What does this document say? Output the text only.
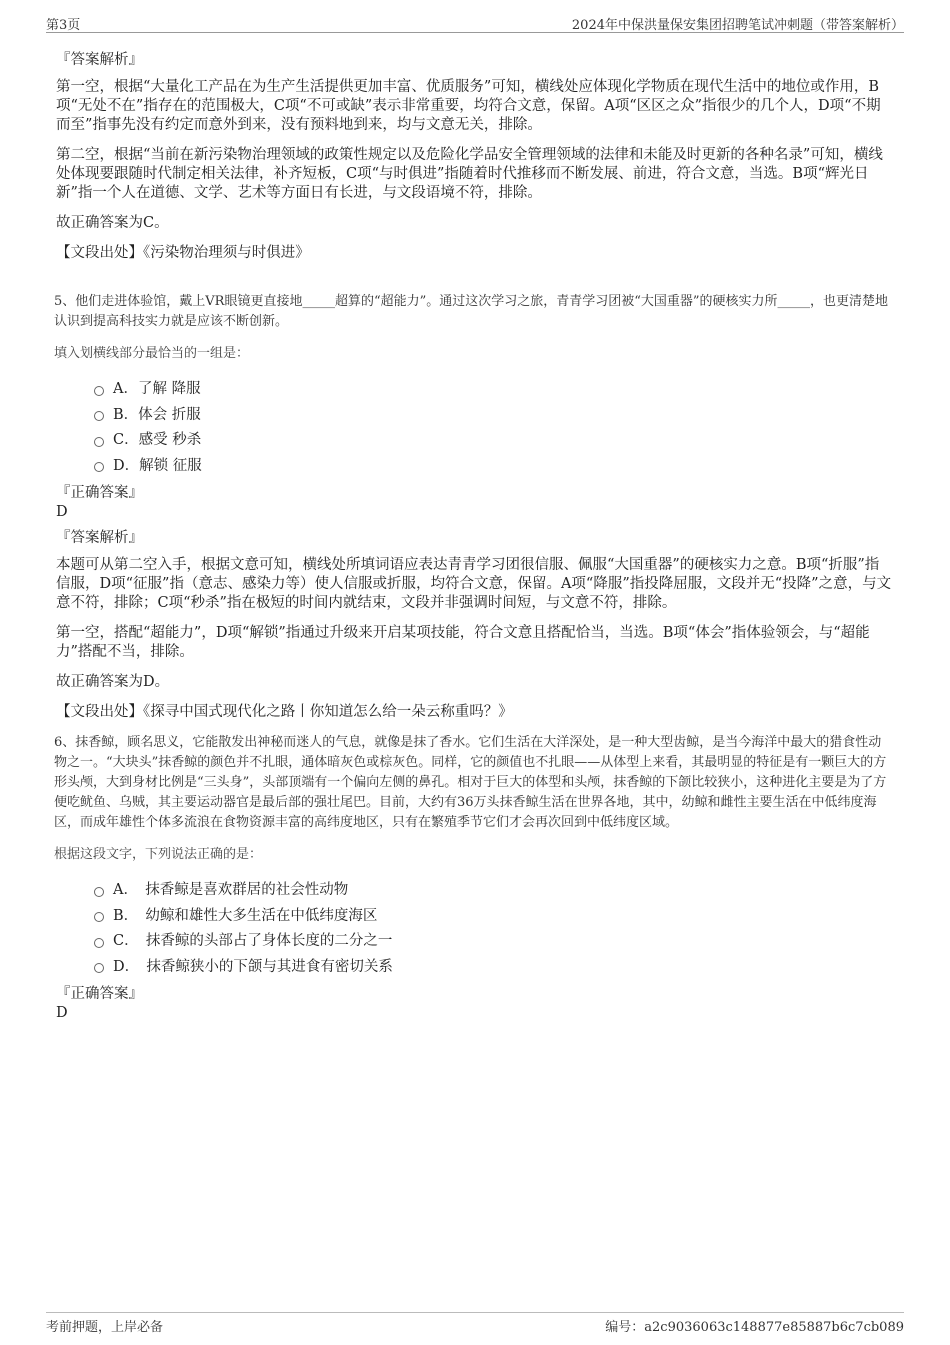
第3页	2024年中保洪量保安集团招聘笔试冲刺题（带答案解析）
『答案解析』

第一空，根据“大量化工产品在为生产生活提供更加丰富、优质服务”可知，横线处应体现化学物质在现代生活中的地位或作用，B项“无处不在”指存在的范围极大，C项“不可或缺”表示非常重要，均符合文意，保留。A项“区区之众”指很少的几个人，D项“不期而至”指事先没有约定而意外到来，没有预料地到来，均与文意无关，排除。

第二空，根据“当前在新污染物治理领域的政策性规定以及危险化学品安全管理领域的法律和未能及时更新的各种名录”可知，横线处体现要跟随时代制定相关法律，补齐短板，C项“与时俱进”指随着时代推移而不断发展、前进，符合文意，当选。B项“辉光日新”指一个人在道德、文学、艺术等方面日有长进，与文段语境不符，排除。

故正确答案为C。

【文段出处】《污染物治理须与时俱进》

5、他们走进体验馆，戴上VR眼镜更直接地_____超算的“超能力”。通过这次学习之旅，青青学习团被“大国重器”的硬核实力所_____，也更清楚地认识到提高科技实力就是应该不断创新。

填入划横线部分最恰当的一组是：

A．了解 降服
B．体会 折服
C．感受 秒杀
D．解锁 征服
『正确答案』
D
『答案解析』

本题可从第二空入手，根据文意可知，横线处所填词语应表达青青学习团很信服、佩服“大国重器”的硬核实力之意。B项“折服”指信服，D项“征服”指（意志、感染力等）使人信服或折服，均符合文意，保留。A项“降服”指投降屈服，文段并无“投降”之意，与文意不符，排除；C项“秒杀”指在极短的时间内就结束，文段并非强调时间短，与文意不符，排除。

第一空，搭配“超能力”，D项“解锁”指通过升级来开启某项技能，符合文意且搭配恰当，当选。B项“体会”指体验领会，与“超能力”搭配不当，排除。

故正确答案为D。

【文段出处】《探寻中国式现代化之路丨你知道怎么给一朵云称重吗？》

6、抹香鲸，顾名思义，它能散发出神秘而迷人的气息，就像是抹了香水。它们生活在大洋深处，是一种大型齿鲸，是当今海洋中最大的猎食性动物之一。“大块头”抹香鲸的颜色并不扎眼，通体暗灰色或棕灰色。同样，它的颜值也不扎眼——从体型上来看，其最明显的特征是有一颗巨大的方形头颅，大到身材比例是“三头身”，头部顶端有一个偏向左侧的鼻孔。相对于巨大的体型和头颅，抹香鲸的下颌比较狭小，这种进化主要是为了方便吃鱿鱼、乌贼，其主要运动器官是最后部的强壮尾巴。目前，大约有36万头抹香鲸生活在世界各地，其中，幼鲸和雌性主要生活在中低纬度海区，而成年雄性个体多流浪在食物资源丰富的高纬度地区，只有在繁殖季节它们才会再次回到中低纬度区域。

根据这段文字，下列说法正确的是：

A．　抹香鲸是喜欢群居的社会性动物
B．　幼鲸和雄性大多生活在中低纬度海区
C．　抹香鲸的头部占了身体长度的二分之一
D．　抹香鲸狭小的下颌与其进食有密切关系
『正确答案』
D
考前押题，上岸必备	编号：a2c9036063c148877e85887b6c7cb089
